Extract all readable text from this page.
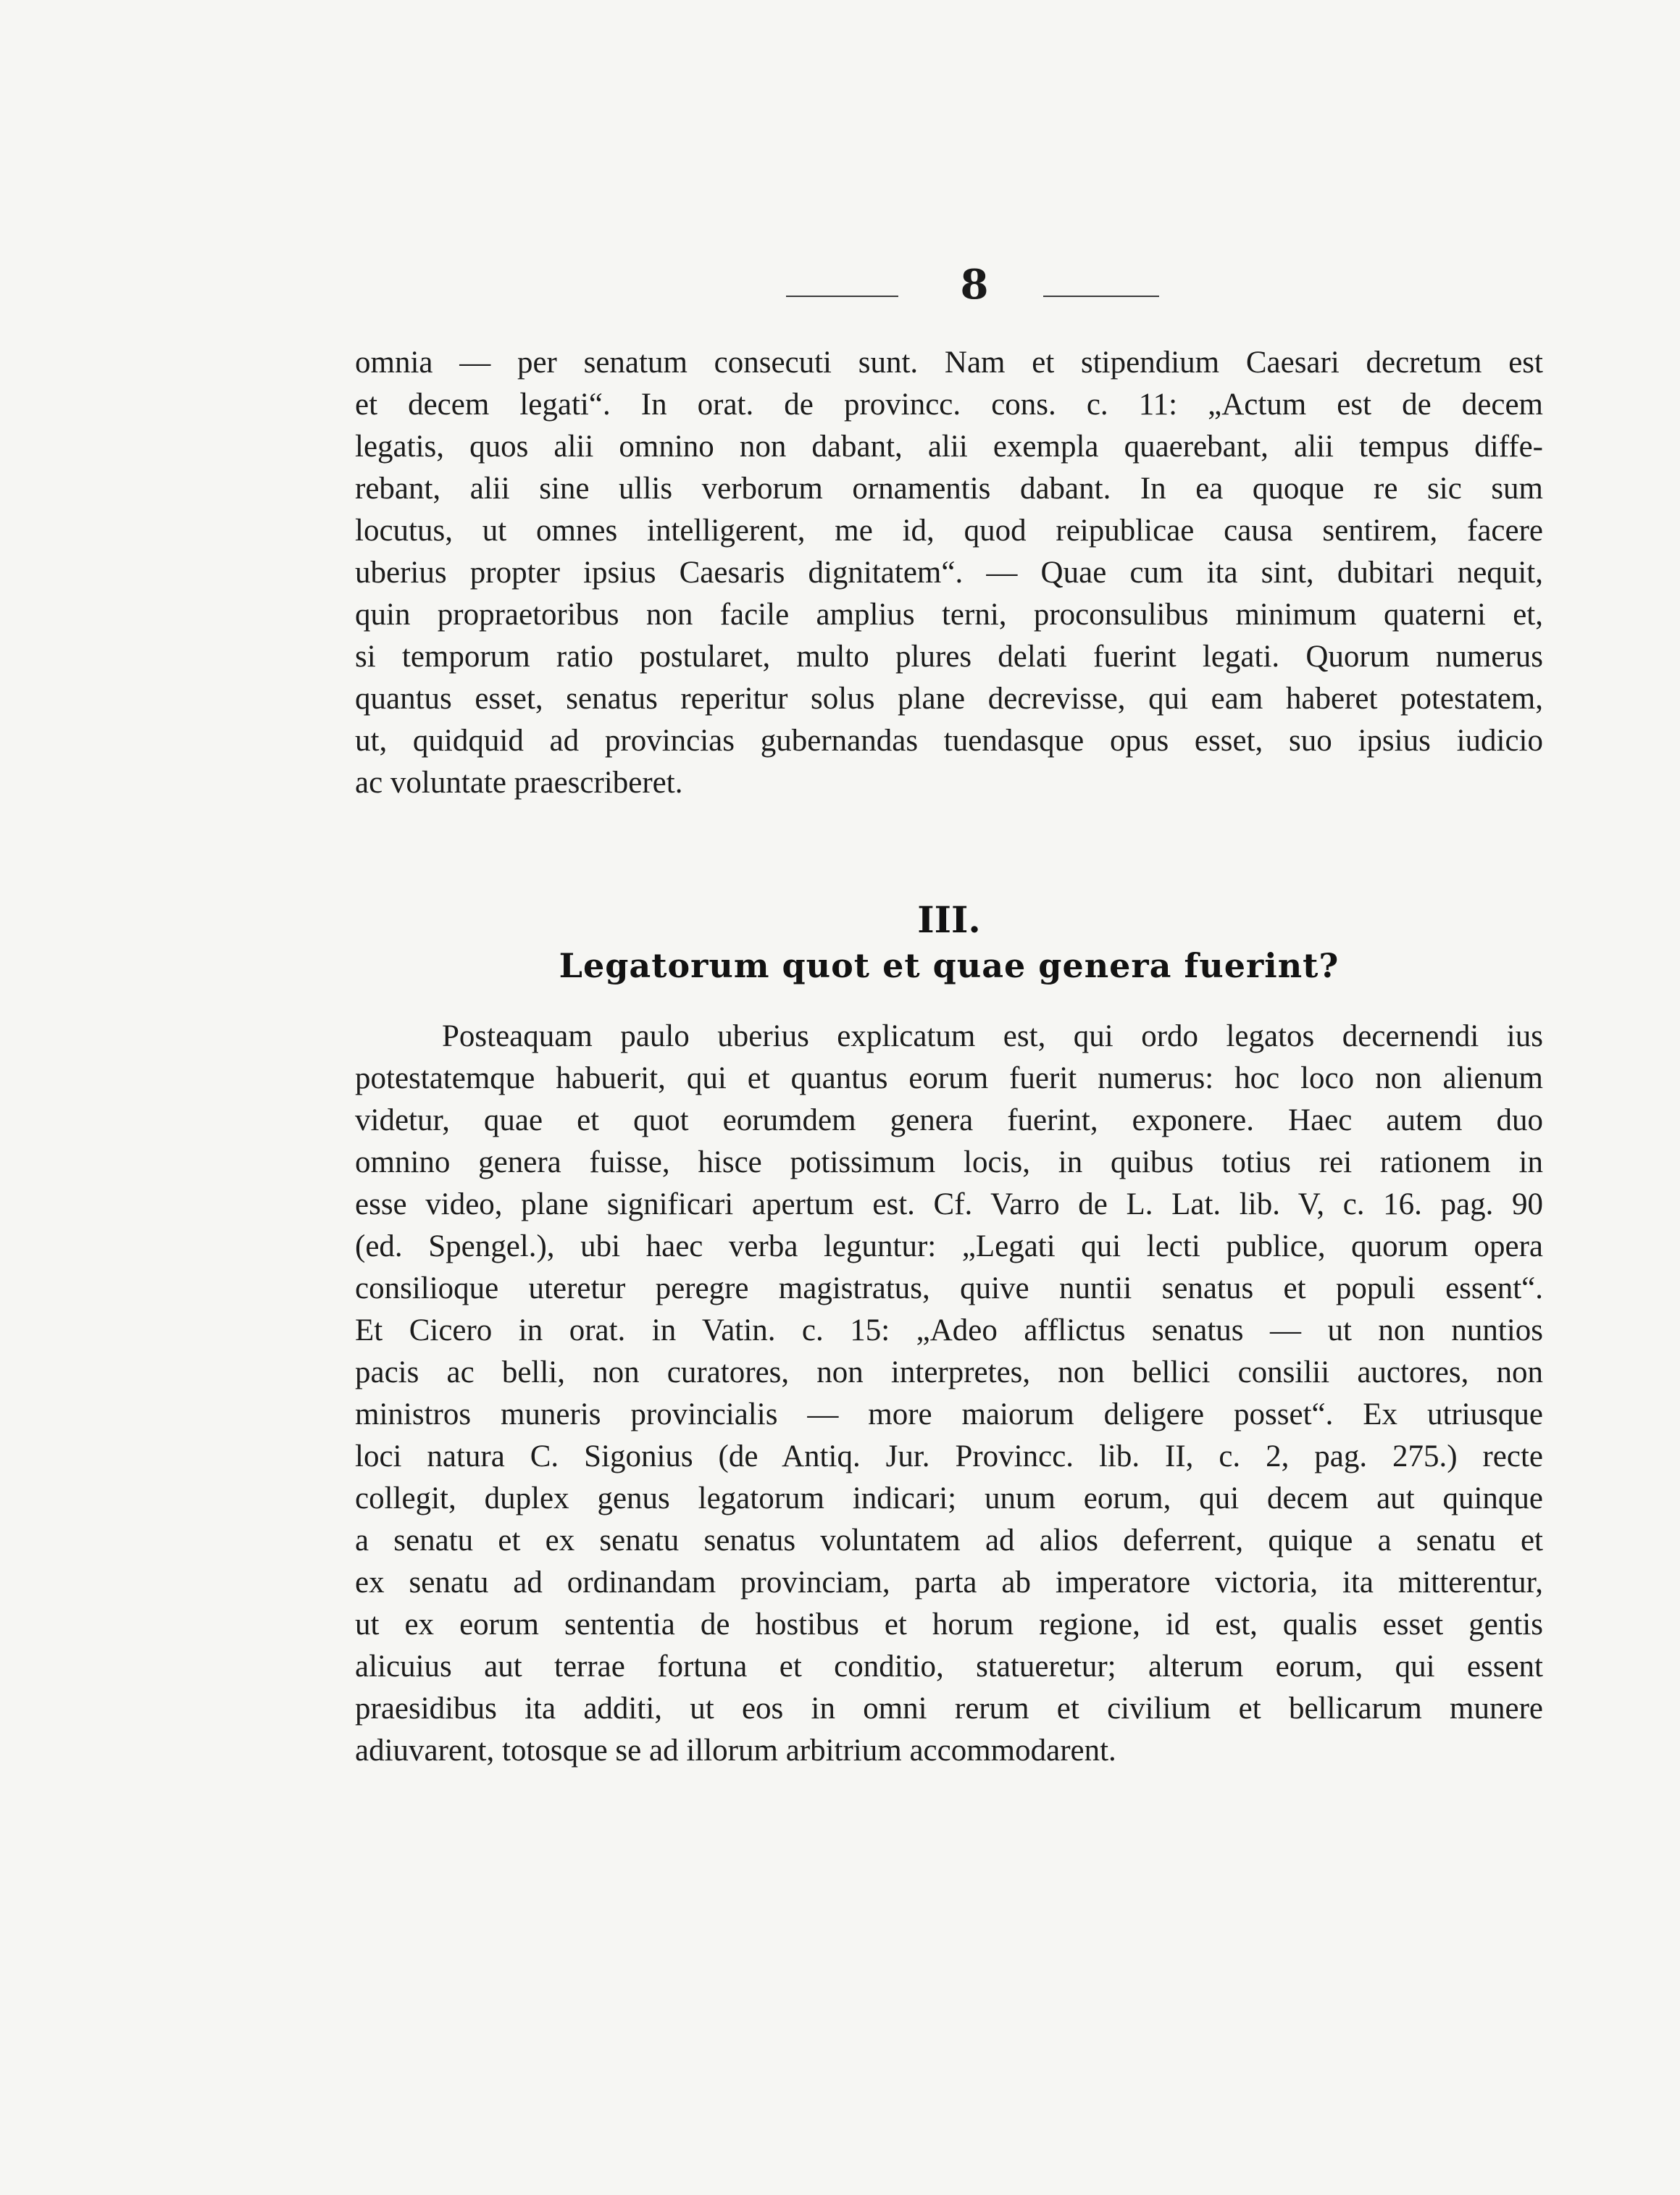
8
omnia — per senatum consecuti sunt. Nam et stipendium Caesari decretum est
et decem legati“. In orat. de provincc. cons. c. 11: „Actum est de decem
legatis, quos alii omnino non dabant, alii exempla quaerebant, alii tempus diffe-
rebant, alii sine ullis verborum ornamentis dabant. In ea quoque re sic sum
locutus, ut omnes intelligerent, me id, quod reipublicae causa sentirem, facere
uberius propter ipsius Caesaris dignitatem“. — Quae cum ita sint, dubitari nequit,
quin propraetoribus non facile amplius terni, proconsulibus minimum quaterni et,
si temporum ratio postularet, multo plures delati fuerint legati. Quorum numerus
quantus esset, senatus reperitur solus plane decrevisse, qui eam haberet potestatem,
ut, quidquid ad provincias gubernandas tuendasque opus esset, suo ipsius iudicio
ac voluntate praescriberet.
III.
Legatorum quot et quae genera fuerint?
Posteaquam paulo uberius explicatum est, qui ordo legatos decernendi ius
potestatemque habuerit, qui et quantus eorum fuerit numerus: hoc loco non alienum
videtur, quae et quot eorumdem genera fuerint, exponere. Haec autem duo
omnino genera fuisse, hisce potissimum locis, in quibus totius rei rationem in
esse video, plane significari apertum est. Cf. Varro de L. Lat. lib. V, c. 16. pag. 90
(ed. Spengel.), ubi haec verba leguntur: „Legati qui lecti publice, quorum opera
consilioque uteretur peregre magistratus, quive nuntii senatus et populi essent“.
Et Cicero in orat. in Vatin. c. 15: „Adeo afflictus senatus — ut non nuntios
pacis ac belli, non curatores, non interpretes, non bellici consilii auctores, non
ministros muneris provincialis — more maiorum deligere posset“. Ex utriusque
loci natura C. Sigonius (de Antiq. Jur. Provincc. lib. II, c. 2, pag. 275.) recte
collegit, duplex genus legatorum indicari; unum eorum, qui decem aut quinque
a senatu et ex senatu senatus voluntatem ad alios deferrent, quique a senatu et
ex senatu ad ordinandam provinciam, parta ab imperatore victoria, ita mitterentur,
ut ex eorum sententia de hostibus et horum regione, id est, qualis esset gentis
alicuius aut terrae fortuna et conditio, statueretur; alterum eorum, qui essent
praesidibus ita additi, ut eos in omni rerum et civilium et bellicarum munere
adiuvarent, totosque se ad illorum arbitrium accommodarent.
